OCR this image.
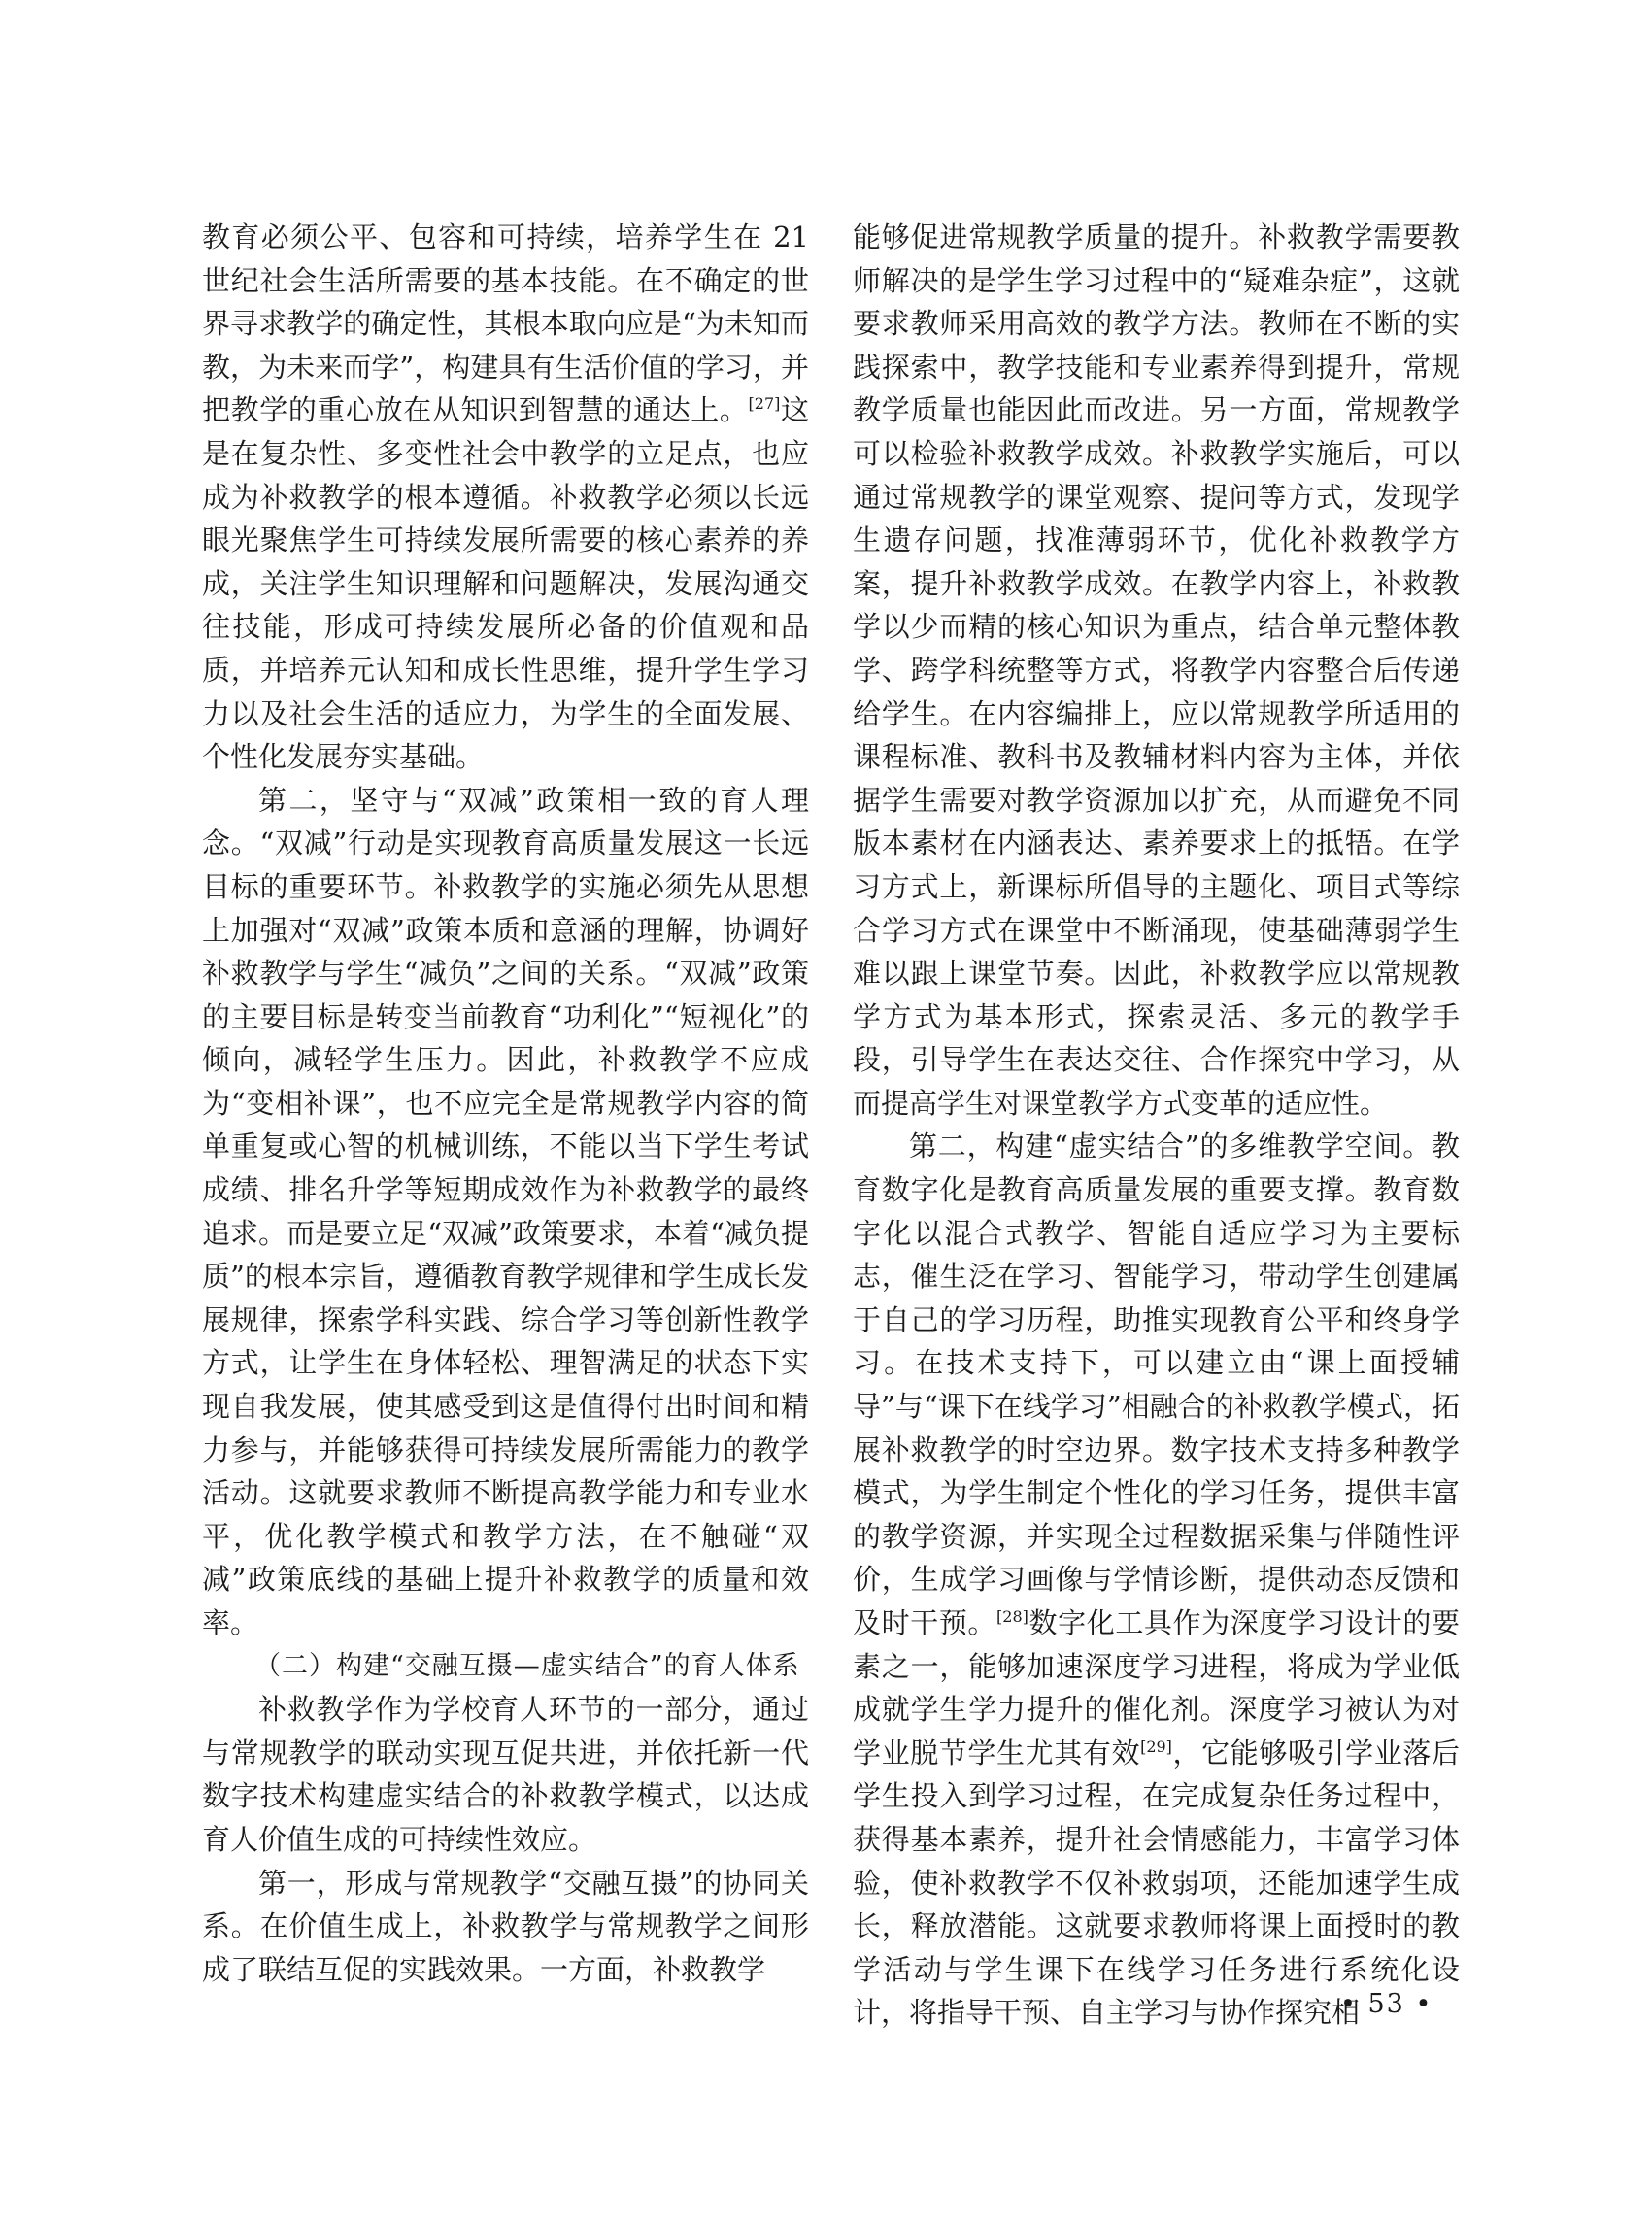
教育必须公平、包容和可持续，培养学生在 21 世纪社会生活所需要的基本技能。在不确定的世界寻求教学的确定性，其根本取向应是“为未知而教，为未来而学”，构建具有生活价值的学习，并把教学的重心放在从知识到智慧的通达上。[27]这是在复杂性、多变性社会中教学的立足点，也应成为补救教学的根本遵循。补救教学必须以长远眼光聚焦学生可持续发展所需要的核心素养的养成，关注学生知识理解和问题解决，发展沟通交往技能，形成可持续发展所必备的价值观和品质，并培养元认知和成长性思维，提升学生学习力以及社会生活的适应力，为学生的全面发展、个性化发展夯实基础。

第二，坚守与“双减”政策相一致的育人理念。“双减”行动是实现教育高质量发展这一长远目标的重要环节。补救教学的实施必须先从思想上加强对“双减”政策本质和意涵的理解，协调好补救教学与学生“减负”之间的关系。“双减”政策的主要目标是转变当前教育“功利化”“短视化”的倾向，减轻学生压力。因此，补救教学不应成为“变相补课”，也不应完全是常规教学内容的简单重复或心智的机械训练，不能以当下学生考试成绩、排名升学等短期成效作为补救教学的最终追求。而是要立足“双减”政策要求，本着“减负提质”的根本宗旨，遵循教育教学规律和学生成长发展规律，探索学科实践、综合学习等创新性教学方式，让学生在身体轻松、理智满足的状态下实现自我发展，使其感受到这是值得付出时间和精力参与，并能够获得可持续发展所需能力的教学活动。这就要求教师不断提高教学能力和专业水平，优化教学模式和教学方法，在不触碰“双减”政策底线的基础上提升补救教学的质量和效率。

（二）构建“交融互摄—虚实结合”的育人体系

补救教学作为学校育人环节的一部分，通过与常规教学的联动实现互促共进，并依托新一代数字技术构建虚实结合的补救教学模式，以达成育人价值生成的可持续性效应。

第一，形成与常规教学“交融互摄”的协同关系。在价值生成上，补救教学与常规教学之间形成了联结互促的实践效果。一方面，补救教学

能够促进常规教学质量的提升。补救教学需要教师解决的是学生学习过程中的“疑难杂症”，这就要求教师采用高效的教学方法。教师在不断的实践探索中，教学技能和专业素养得到提升，常规教学质量也能因此而改进。另一方面，常规教学可以检验补救教学成效。补救教学实施后，可以通过常规教学的课堂观察、提问等方式，发现学生遗存问题，找准薄弱环节，优化补救教学方案，提升补救教学成效。在教学内容上，补救教学以少而精的核心知识为重点，结合单元整体教学、跨学科统整等方式，将教学内容整合后传递给学生。在内容编排上，应以常规教学所适用的课程标准、教科书及教辅材料内容为主体，并依据学生需要对教学资源加以扩充，从而避免不同版本素材在内涵表达、素养要求上的抵牾。在学习方式上，新课标所倡导的主题化、项目式等综合学习方式在课堂中不断涌现，使基础薄弱学生难以跟上课堂节奏。因此，补救教学应以常规教学方式为基本形式，探索灵活、多元的教学手段，引导学生在表达交往、合作探究中学习，从而提高学生对课堂教学方式变革的适应性。

第二，构建“虚实结合”的多维教学空间。教育数字化是教育高质量发展的重要支撑。教育数字化以混合式教学、智能自适应学习为主要标志，催生泛在学习、智能学习，带动学生创建属于自己的学习历程，助推实现教育公平和终身学习。在技术支持下，可以建立由“课上面授辅导”与“课下在线学习”相融合的补救教学模式，拓展补救教学的时空边界。数字技术支持多种教学模式，为学生制定个性化的学习任务，提供丰富的教学资源，并实现全过程数据采集与伴随性评价，生成学习画像与学情诊断，提供动态反馈和及时干预。[28]数字化工具作为深度学习设计的要素之一，能够加速深度学习进程，将成为学业低成就学生学力提升的催化剂。深度学习被认为对学业脱节学生尤其有效[29]，它能够吸引学业落后学生投入到学习过程，在完成复杂任务过程中，获得基本素养，提升社会情感能力，丰富学习体验，使补救教学不仅补救弱项，还能加速学生成长，释放潜能。这就要求教师将课上面授时的教学活动与学生课下在线学习任务进行系统化设计，将指导干预、自主学习与协作探究相

• 53 •
